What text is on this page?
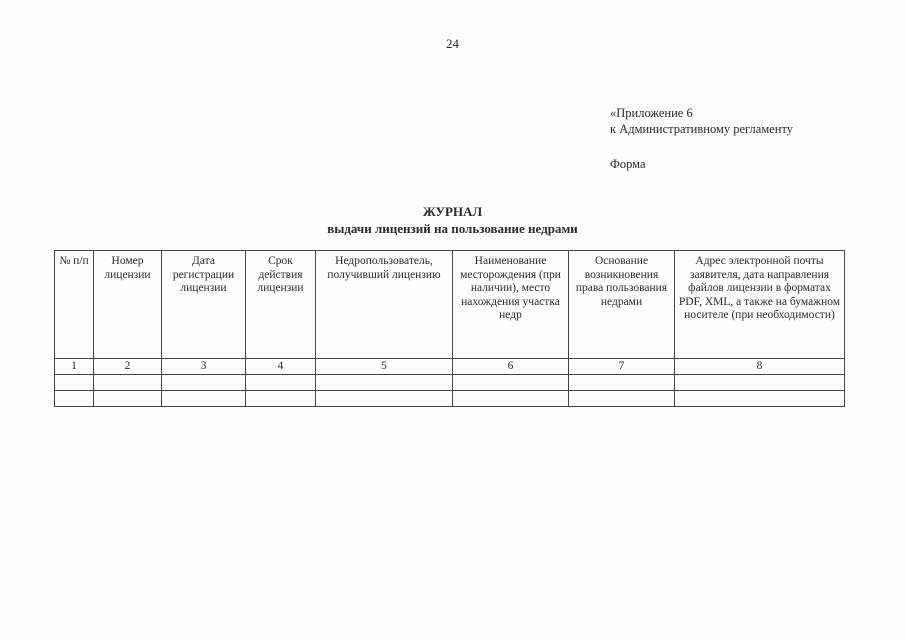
24
«Приложение 6
к Административному регламенту
Форма
ЖУРНАЛ
выдачи лицензий на пользование недрами
№ п/п	Номер лицензии	Дата регистрации лицензии	Срок действия лицензии	Недропользователь, получивший лицензию	Наименование месторождения (при наличии), место нахождения участка недр	Основание возникновения права пользования недрами	Адрес электронной почты заявителя, дата направления файлов лицензии в форматах PDF, XML, а также на бумажном носителе (при необходимости)
1	2	3	4	5	6	7	8
